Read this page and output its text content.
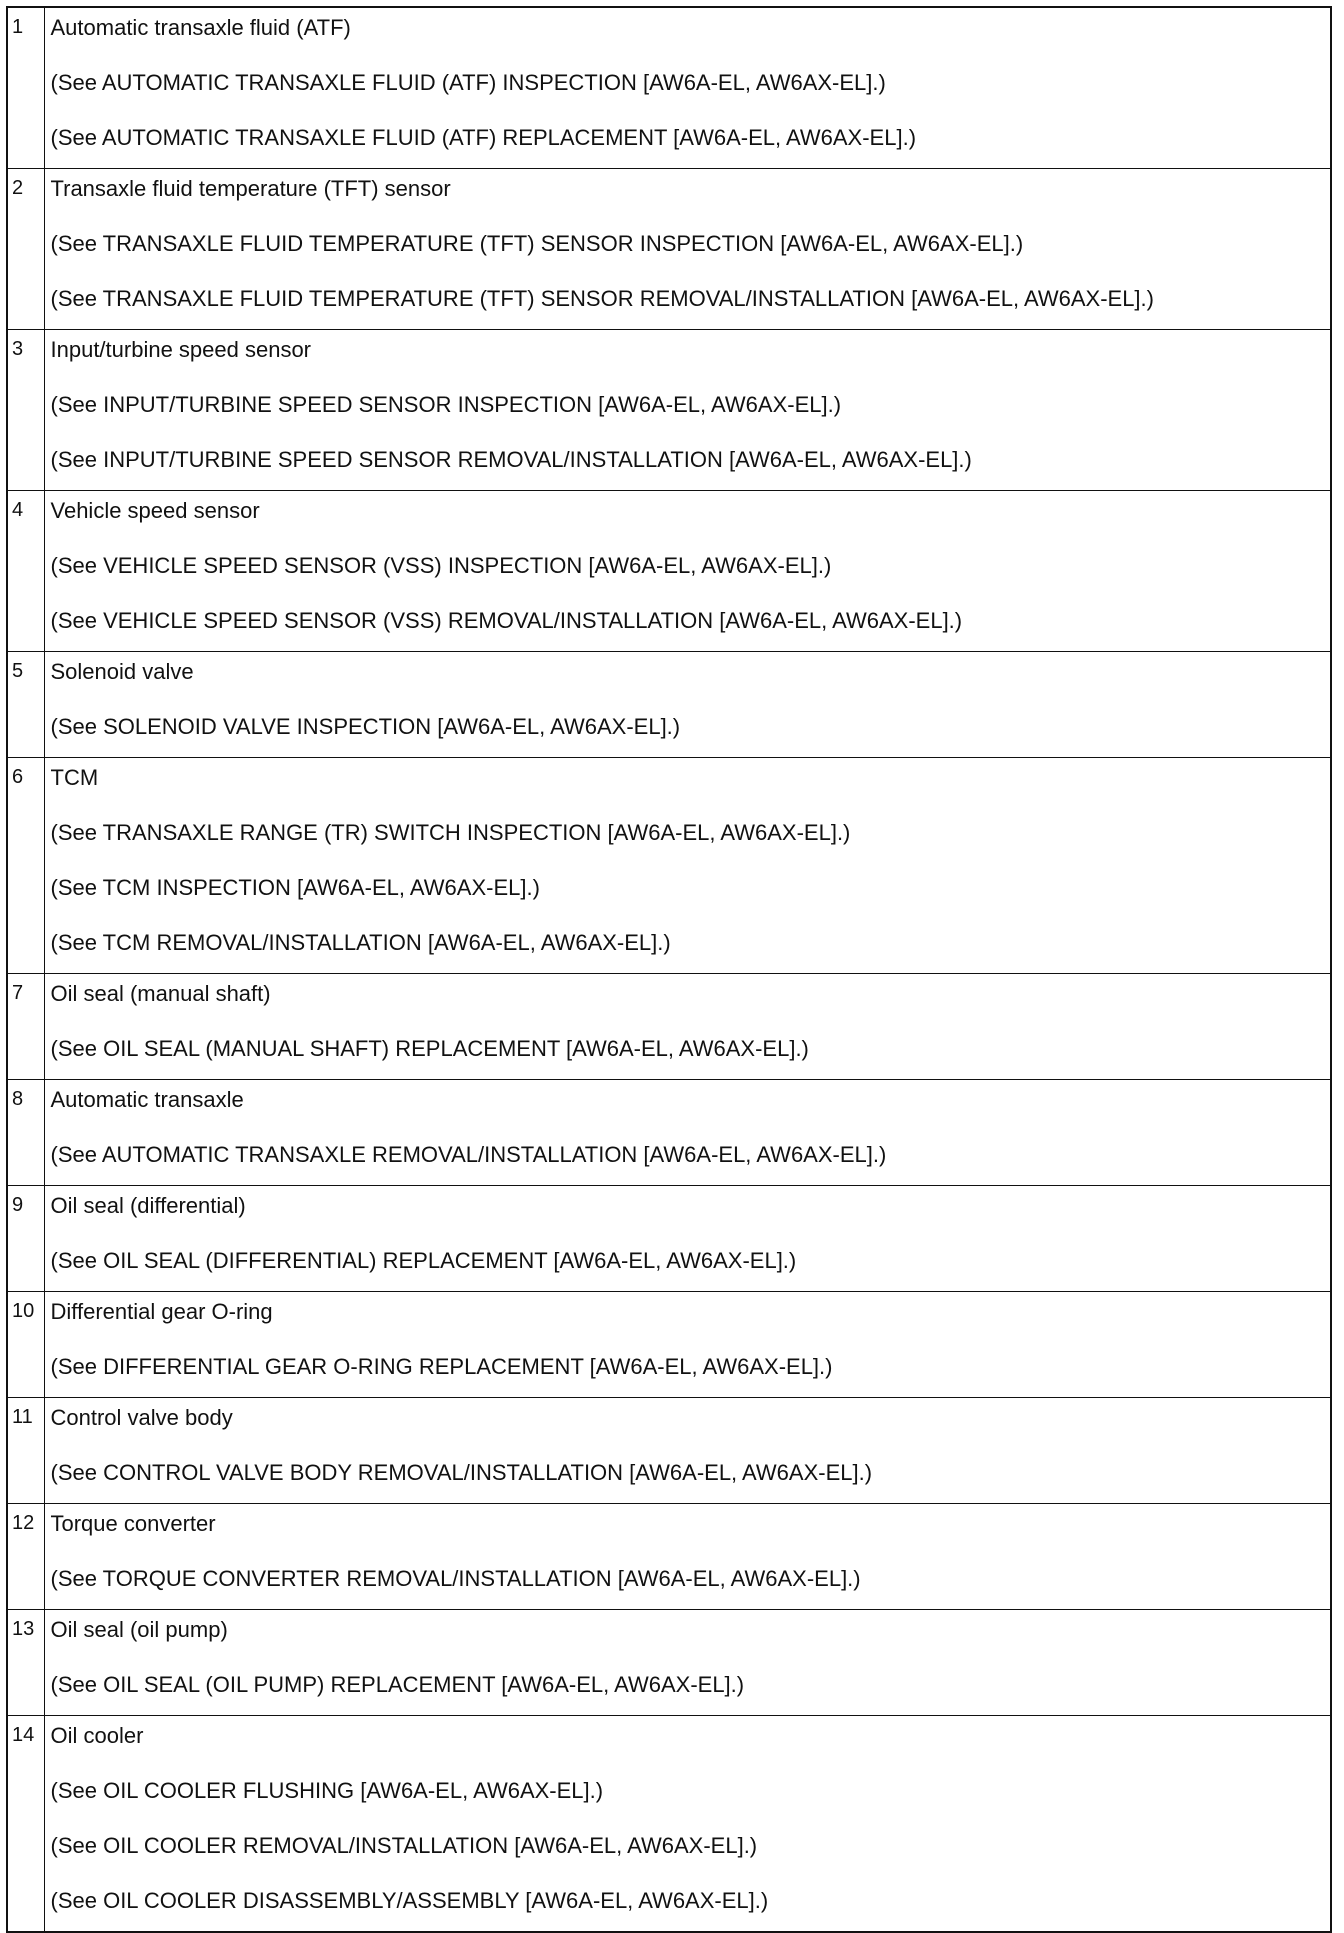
1	Automatic transaxle fluid (ATF)
(See AUTOMATIC TRANSAXLE FLUID (ATF) INSPECTION [AW6A-EL, AW6AX-EL].)
(See AUTOMATIC TRANSAXLE FLUID (ATF) REPLACEMENT [AW6A-EL, AW6AX-EL].)

2	Transaxle fluid temperature (TFT) sensor
(See TRANSAXLE FLUID TEMPERATURE (TFT) SENSOR INSPECTION [AW6A-EL, AW6AX-EL].)
(See TRANSAXLE FLUID TEMPERATURE (TFT) SENSOR REMOVAL/INSTALLATION [AW6A-EL, AW6AX-EL].)

3	Input/turbine speed sensor
(See INPUT/TURBINE SPEED SENSOR INSPECTION [AW6A-EL, AW6AX-EL].)
(See INPUT/TURBINE SPEED SENSOR REMOVAL/INSTALLATION [AW6A-EL, AW6AX-EL].)

4	Vehicle speed sensor
(See VEHICLE SPEED SENSOR (VSS) INSPECTION [AW6A-EL, AW6AX-EL].)
(See VEHICLE SPEED SENSOR (VSS) REMOVAL/INSTALLATION [AW6A-EL, AW6AX-EL].)

5	Solenoid valve
(See SOLENOID VALVE INSPECTION [AW6A-EL, AW6AX-EL].)

6	TCM
(See TRANSAXLE RANGE (TR) SWITCH INSPECTION [AW6A-EL, AW6AX-EL].)
(See TCM INSPECTION [AW6A-EL, AW6AX-EL].)
(See TCM REMOVAL/INSTALLATION [AW6A-EL, AW6AX-EL].)

7	Oil seal (manual shaft)
(See OIL SEAL (MANUAL SHAFT) REPLACEMENT [AW6A-EL, AW6AX-EL].)

8	Automatic transaxle
(See AUTOMATIC TRANSAXLE REMOVAL/INSTALLATION [AW6A-EL, AW6AX-EL].)

9	Oil seal (differential)
(See OIL SEAL (DIFFERENTIAL) REPLACEMENT [AW6A-EL, AW6AX-EL].)

10	Differential gear O-ring
(See DIFFERENTIAL GEAR O-RING REPLACEMENT [AW6A-EL, AW6AX-EL].)

11	Control valve body
(See CONTROL VALVE BODY REMOVAL/INSTALLATION [AW6A-EL, AW6AX-EL].)

12	Torque converter
(See TORQUE CONVERTER REMOVAL/INSTALLATION [AW6A-EL, AW6AX-EL].)

13	Oil seal (oil pump)
(See OIL SEAL (OIL PUMP) REPLACEMENT [AW6A-EL, AW6AX-EL].)

14	Oil cooler
(See OIL COOLER FLUSHING [AW6A-EL, AW6AX-EL].)
(See OIL COOLER REMOVAL/INSTALLATION [AW6A-EL, AW6AX-EL].)
(See OIL COOLER DISASSEMBLY/ASSEMBLY [AW6A-EL, AW6AX-EL].)
